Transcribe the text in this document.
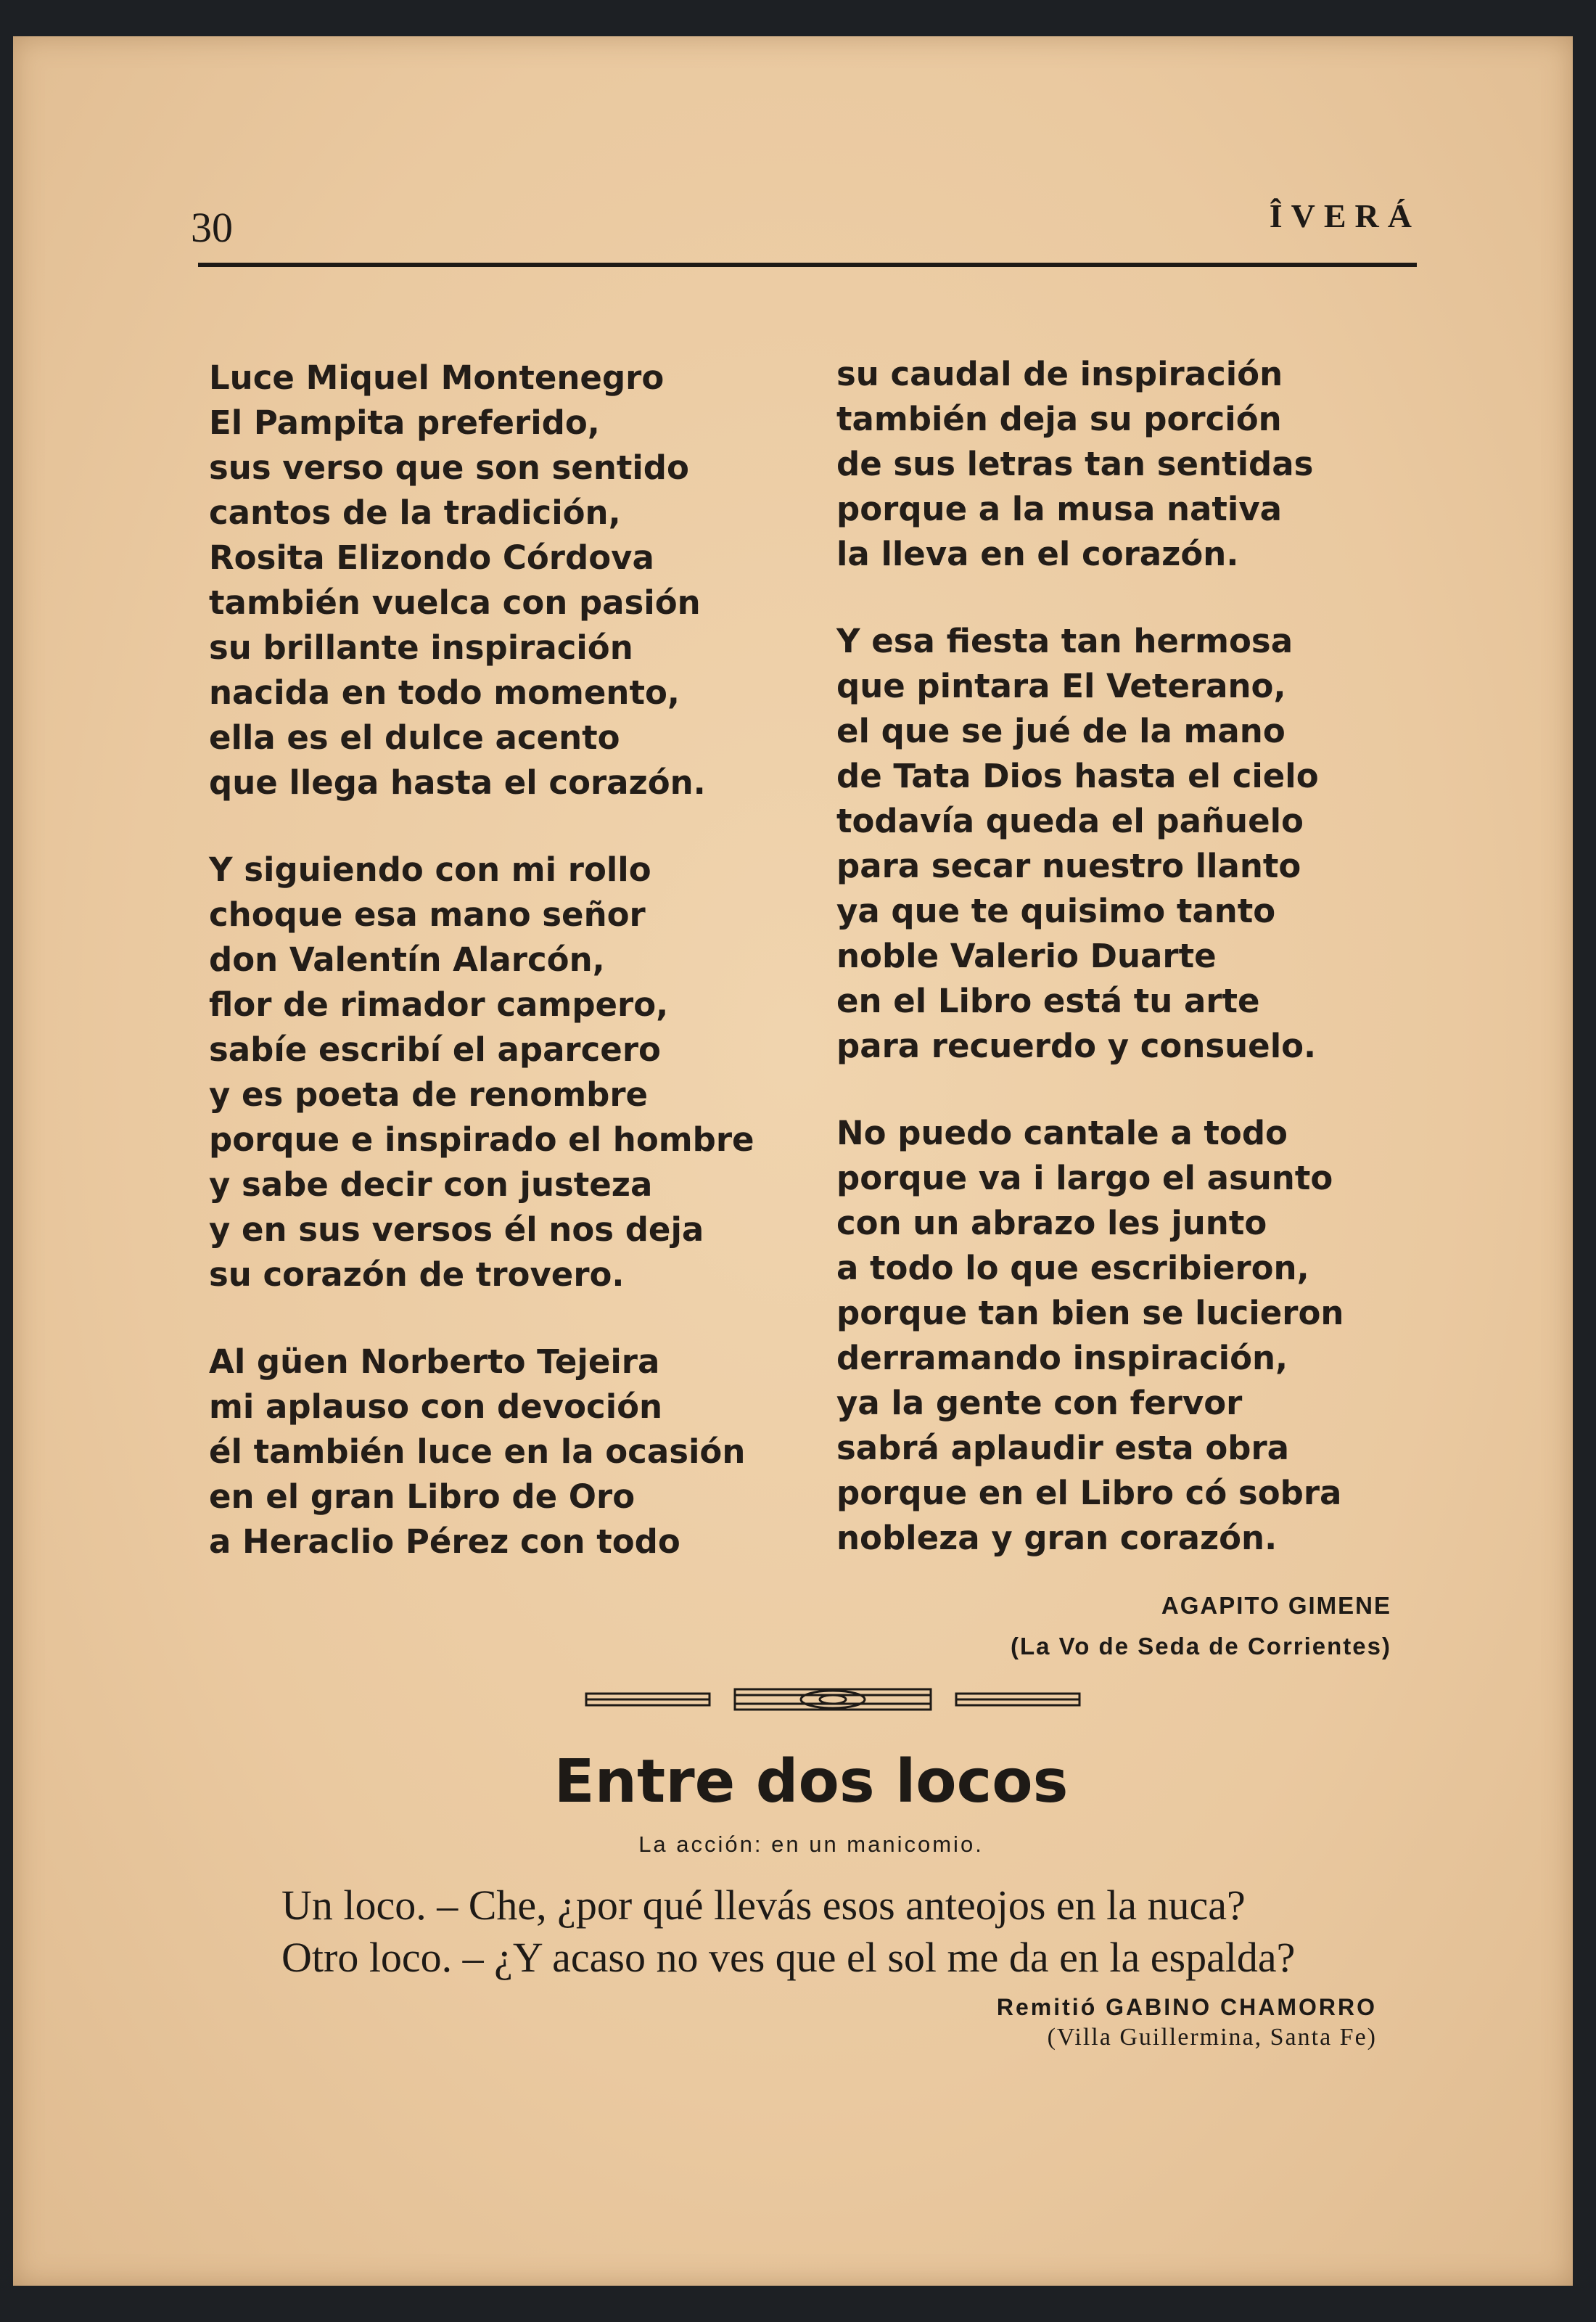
30	ÎVERÁ
Luce Miquel Montenegro
El Pampita preferido,
sus verso que son sentido
cantos de la tradición,
Rosita Elizondo Córdova
también vuelca con pasión
su brillante inspiración
nacida en todo momento,
ella es el dulce acento
que llega hasta el corazón.
Y siguiendo con mi rollo
choque esa mano señor
don Valentín Alarcón,
flor de rimador campero,
sabíe escribí el aparcero
y es poeta de renombre
porque e inspirado el hombre
y sabe decir con justeza
y en sus versos él nos deja
su corazón de trovero.
Al güen Norberto Tejeira
mi aplauso con devoción
él también luce en la ocasión
en el gran Libro de Oro
a Heraclio Pérez con todo
su caudal de inspiración
también deja su porción
de sus letras tan sentidas
porque a la musa nativa
la lleva en el corazón.
Y esa fiesta tan hermosa
que pintara El Veterano,
el que se jué de la mano
de Tata Dios hasta el cielo
todavía queda el pañuelo
para secar nuestro llanto
ya que te quisimo tanto
noble Valerio Duarte
en el Libro está tu arte
para recuerdo y consuelo.
No puedo cantale a todo
porque va i largo el asunto
con un abrazo les junto
a todo lo que escribieron,
porque tan bien se lucieron
derramando inspiración,
ya la gente con fervor
sabrá aplaudir esta obra
porque en el Libro có sobra
nobleza y gran corazón.
AGAPITO GIMENE
(La Vo de Seda de Corrientes)
Entre dos locos
La acción: en un manicomio.
Un loco. – Che, ¿por qué llevás esos anteojos en la nuca?
Otro loco. – ¿Y acaso no ves que el sol me da en la espalda?
Remitió GABINO CHAMORRO
(Villa Guillermina, Santa Fe)
